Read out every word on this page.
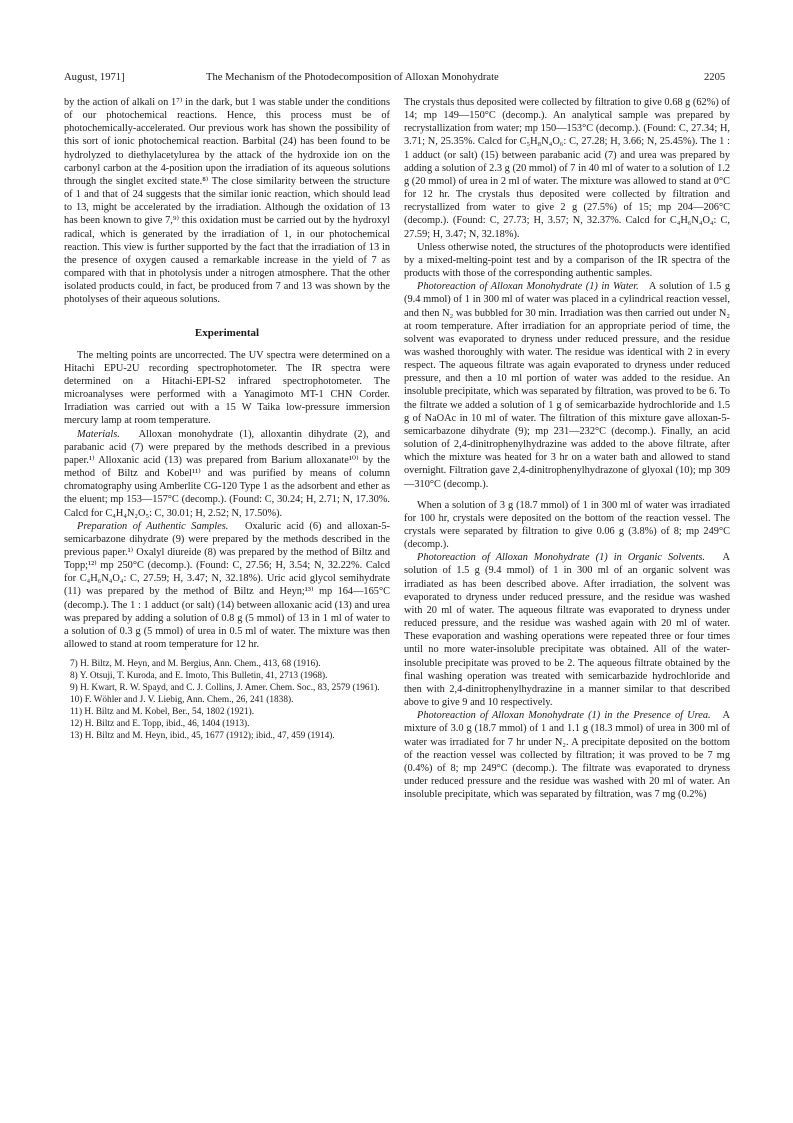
August, 1971]	The Mechanism of the Photodecomposition of Alloxan Monohydrate	2205

by the action of alkali on 1⁷⁾ in the dark, but 1 was stable under the conditions of our photochemical reactions. Hence, this process must be of photochemically-accelerated. Our previous work has shown the possibility of this sort of ionic photochemical reaction. Barbital (24) has been found to be hydrolyzed to diethylacetylurea by the attack of the hydroxide ion on the carbonyl carbon at the 4-position upon the irradiation of its aqueous solutions through the singlet excited state.⁸⁾ The close similarity between the structure of 1 and that of 24 suggests that the similar ionic reaction, which should lead to 13, might be accelerated by the irradiation. Although the oxidation of 13 has been known to give 7,⁹⁾ this oxidation must be carried out by the hydroxyl radical, which is generated by the irradiation of 1, in our photochemical reaction. This view is further supported by the fact that the irradiation of 13 in the presence of oxygen caused a remarkable increase in the yield of 7 as compared with that in photolysis under a nitrogen atmosphere. That the other isolated products could, in fact, be produced from 7 and 13 was shown by the photolyses of their aqueous solutions.

Experimental

The melting points are uncorrected. The UV spectra were determined on a Hitachi EPU-2U recording spectrophotometer. The IR spectra were determined on a Hitachi-EPI-S2 infrared spectrophotometer. The microanalyses were performed with a Yanagimoto MT-1 CHN Corder. Irradiation was carried out with a 15 W Taika low-pressure immersion mercury lamp at room temperature.

Materials. Alloxan monohydrate (1), alloxantin dihydrate (2), and parabanic acid (7) were prepared by the methods described in a previous paper.¹⁾ Alloxanic acid (13) was prepared from Barium alloxanate¹⁰⁾ by the method of Biltz and Kobel¹¹⁾ and was purified by means of column chromatography using Amberlite CG-120 Type 1 as the adsorbent and ether as the eluent; mp 153—157°C (decomp.). (Found: C, 30.24; H, 2.71; N, 17.30%. Calcd for C₄H₄N₂O₅: C, 30.01; H, 2.52; N, 17.50%).

Preparation of Authentic Samples. Oxaluric acid (6) and alloxan-5-semicarbazone dihydrate (9) were prepared by the methods described in the previous paper.¹⁾ Oxalyl diureide (8) was prepared by the method of Biltz and Topp;¹²⁾ mp 250°C (decomp.). (Found: C, 27.56; H, 3.54; N, 32.22%. Calcd for C₄H₆N₄O₄: C, 27.59; H, 3.47; N, 32.18%). Uric acid glycol semihydrate (11) was prepared by the method of Biltz and Heyn;¹³⁾ mp 164—165°C (decomp.). The 1 : 1 adduct (or salt) (14) between alloxanic acid (13) and urea was prepared by adding a solution of 0.8 g (5 mmol) of 13 in 1 ml of water to a solution of 0.3 g (5 mmol) of urea in 0.5 ml of water. The mixture was then allowed to stand at room temperature for 12 hr.

7) H. Biltz, M. Heyn, and M. Bergius, Ann. Chem., 413, 68 (1916).
8) Y. Otsuji, T. Kuroda, and E. Imoto, This Bulletin, 41, 2713 (1968).
9) H. Kwart, R. W. Spayd, and C. J. Collins, J. Amer. Chem. Soc., 83, 2579 (1961).
10) F. Wöhler and J. V. Liebig, Ann. Chem., 26, 241 (1838).
11) H. Biltz and M. Kobel, Ber., 54, 1802 (1921).
12) H. Biltz and E. Topp, ibid., 46, 1404 (1913).
13) H. Biltz and M. Heyn, ibid., 45, 1677 (1912); ibid., 47, 459 (1914).

The crystals thus deposited were collected by filtration to give 0.68 g (62%) of 14; mp 149—150°C (decomp.). An analytical sample was prepared by recrystallization from water; mp 150—153°C (decomp.). (Found: C, 27.34; H, 3.71; N, 25.35%. Calcd for C₅H₈N₄O₆: C, 27.28; H, 3.66; N, 25.45%). The 1 : 1 adduct (or salt) (15) between parabanic acid (7) and urea was prepared by adding a solution of 2.3 g (20 mmol) of 7 in 40 ml of water to a solution of 1.2 g (20 mmol) of urea in 2 ml of water. The mixture was allowed to stand at 0°C for 12 hr. The crystals thus deposited were collected by filtration and recrystallized from water to give 2 g (27.5%) of 15; mp 204—206°C (decomp.). (Found: C, 27.73; H, 3.57; N, 32.37%. Calcd for C₄H₆N₄O₄: C, 27.59; H, 3.47; N, 32.18%).

Unless otherwise noted, the structures of the photoproducts were identified by a mixed-melting-point test and by a comparison of the IR spectra of the products with those of the corresponding authentic samples.

Photoreaction of Alloxan Monohydrate (1) in Water. A solution of 1.5 g (9.4 mmol) of 1 in 300 ml of water was placed in a cylindrical reaction vessel, and then N₂ was bubbled for 30 min. Irradiation was then carried out under N₂ at room temperature. After irradiation for an appropriate period of time, the solvent was evaporated to dryness under reduced pressure, and the residue was washed thoroughly with water. The residue was identical with 2 in every respect. The aqueous filtrate was again evaporated to dryness under reduced pressure, and then a 10 ml portion of water was added to the residue. An insoluble precipitate, which was separated by filtration, was proved to be 6. To the filtrate we added a solution of 1 g of semicarbazide hydrochloride and 1.5 g of NaOAc in 10 ml of water. The filtration of this mixture gave alloxan-5-semicarbazone dihydrate (9); mp 231—232°C (decomp.). Finally, an acid solution of 2,4-dinitrophenylhydrazine was added to the above filtrate, after which the mixture was heated for 3 hr on a water bath and allowed to stand overnight. Filtration gave 2,4-dinitrophenylhydrazone of glyoxal (10); mp 309—310°C (decomp.).

When a solution of 3 g (18.7 mmol) of 1 in 300 ml of water was irradiated for 100 hr, crystals were deposited on the bottom of the reaction vessel. The crystals were separated by filtration to give 0.06 g (3.8%) of 8; mp 249°C (decomp.).

Photoreaction of Alloxan Monohydrate (1) in Organic Solvents. A solution of 1.5 g (9.4 mmol) of 1 in 300 ml of an organic solvent was irradiated as has been described above. After irradiation, the solvent was evaporated to dryness under reduced pressure, and the residue was washed with 20 ml of water. The aqueous filtrate was evaporated to dryness under reduced pressure, and the residue was washed again with 20 ml of water. These evaporation and washing operations were repeated three or four times until no more water-insoluble precipitate was obtained. All of the water-insoluble precipitate was proved to be 2. The aqueous filtrate obtained by the final washing operation was treated with semicarbazide hydrochloride and then with 2,4-dinitrophenylhydrazine in a manner similar to that described above to give 9 and 10 respectively.

Photoreaction of Alloxan Monohydrate (1) in the Presence of Urea. A mixture of 3.0 g (18.7 mmol) of 1 and 1.1 g (18.3 mmol) of urea in 300 ml of water was irradiated for 7 hr under N₂. A precipitate deposited on the bottom of the reaction vessel was collected by filtration; it was proved to be 7 mg (0.4%) of 8; mp 249°C (decomp.). The filtrate was evaporated to dryness under reduced pressure and the residue was washed with 20 ml of water. An insoluble precipitate, which was separated by filtration, was 7 mg (0.2%)
